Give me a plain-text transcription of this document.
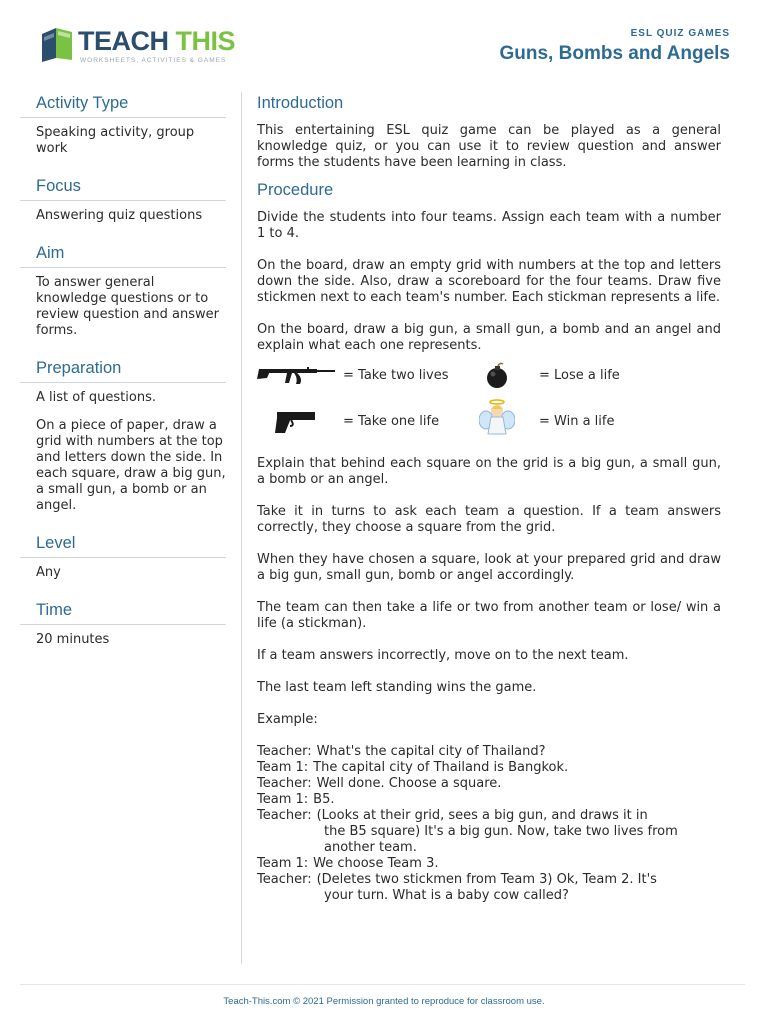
TEACH THIS
WORKSHEETS, ACTIVITIES & GAMES
ESL QUIZ GAMES
Guns, Bombs and Angels
Activity Type

Speaking activity, group work

Focus

Answering quiz questions

Aim

To answer general knowledge questions or to review question and answer forms.

Preparation

A list of questions.

On a piece of paper, draw a grid with numbers at the top and letters down the side. In each square, draw a big gun, a small gun, a bomb or an angel.

Level

Any

Time

20 minutes

Introduction

This entertaining ESL quiz game can be played as a general knowledge quiz, or you can use it to review question and answer forms the students have been learning in class.

Procedure

Divide the students into four teams. Assign each team with a number 1 to 4.

On the board, draw an empty grid with numbers at the top and letters down the side. Also, draw a scoreboard for the four teams. Draw five stickmen next to each team's number. Each stickman represents a life.

On the board, draw a big gun, a small gun, a bomb and an angel and explain what each one represents.

= Take two lives	= Lose a life
= Take one life	= Win a life

Explain that behind each square on the grid is a big gun, a small gun, a bomb or an angel.

Take it in turns to ask each team a question. If a team answers correctly, they choose a square from the grid.

When they have chosen a square, look at your prepared grid and draw a big gun, small gun, bomb or angel accordingly.

The team can then take a life or two from another team or lose/ win a life (a stickman).

If a team answers incorrectly, move on to the next team.

The last team left standing wins the game.

Example:

Teacher: What's the capital city of Thailand?
Team 1: The capital city of Thailand is Bangkok.
Teacher: Well done. Choose a square.
Team 1: B5.
Teacher: (Looks at their grid, sees a big gun, and draws it in
the B5 square) It's a big gun. Now, take two lives from another team.
Team 1: We choose Team 3.
Teacher: (Deletes two stickmen from Team 3) Ok, Team 2. It's
your turn. What is a baby cow called?
Teach-This.com © 2021 Permission granted to reproduce for classroom use.
